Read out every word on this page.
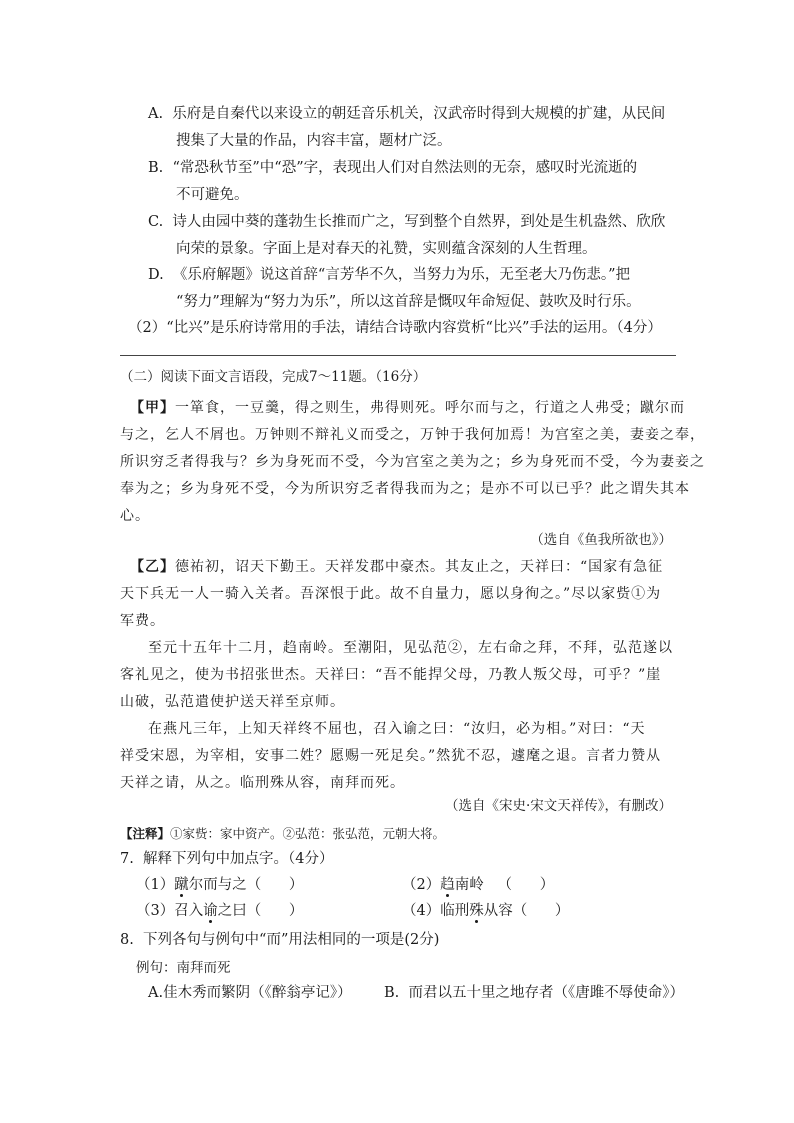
A.  乐府是自秦代以来设立的朝廷音乐机关，汉武帝时得到大规模的扩建，从民间
搜集了大量的作品，内容丰富，题材广泛。
B.  “常恐秋节至”中“恐”字，表现出人们对自然法则的无奈，感叹时光流逝的
不可避免。
C.  诗人由园中葵的蓬勃生长推而广之，写到整个自然界，到处是生机盎然、欣欣
向荣的景象。字面上是对春天的礼赞，实则蕴含深刻的人生哲理。
D.  《乐府解题》说这首辞“言芳华不久，当努力为乐，无至老大乃伤悲。”把
“努力”理解为“努力为乐”，所以这首辞是慨叹年命短促、鼓吹及时行乐。
（2）“比兴”是乐府诗常用的手法，请结合诗歌内容赏析“比兴”手法的运用。（4分）
（二）阅读下面文言语段，完成7～11题。（16分）
【甲】一箪食，一豆羹，得之则生，弗得则死。呼尔而与之，行道之人弗受；蹴尔而
与之，乞人不屑也。万钟则不辩礼义而受之，万钟于我何加焉！为宫室之美，妻妾之奉，
所识穷乏者得我与？乡为身死而不受，今为宫室之美为之；乡为身死而不受，今为妻妾之
奉为之；乡为身死不受，今为所识穷乏者得我而为之；是亦不可以已乎？此之谓失其本
心。
（选自《鱼我所欲也》）
【乙】德祐初，诏天下勤王。天祥发郡中豪杰。其友止之，天祥曰：“国家有急征
天下兵无一人一骑入关者。吾深恨于此。故不自量力，愿以身徇之。”尽以家赀①为
军费。
至元十五年十二月，趋南岭。至潮阳，见弘范②，左右命之拜，不拜，弘范遂以
客礼见之，使为书招张世杰。天祥曰：“吾不能捍父母，乃教人叛父母，可乎？”崖
山破，弘范遣使护送天祥至京师。
在燕凡三年，上知天祥终不屈也，召入谕之曰：“汝归，必为相。”对曰：“天
祥受宋恩，为宰相，安事二姓？愿赐一死足矣。”然犹不忍，遽麾之退。言者力赞从
天祥之请，从之。临刑殊从容，南拜而死。
（选自《宋史·宋文天祥传》，有删改）
【注释】①家赀：家中资产。②弘范：张弘范，元朝大将。
7.  解释下列句中加点字。（4分）
（1）蹴尔而与之（      ）	（2）趋南岭   （      ）
（3）召入谕之曰（      ）	（4）临刑殊从容（      ）
8.  下列各句与例句中“而”用法相同的一项是(2分)
例句：南拜而死
A.佳木秀而繁阴（《醉翁亭记》） B.  而君以五十里之地存者（《唐雎不辱使命》）
